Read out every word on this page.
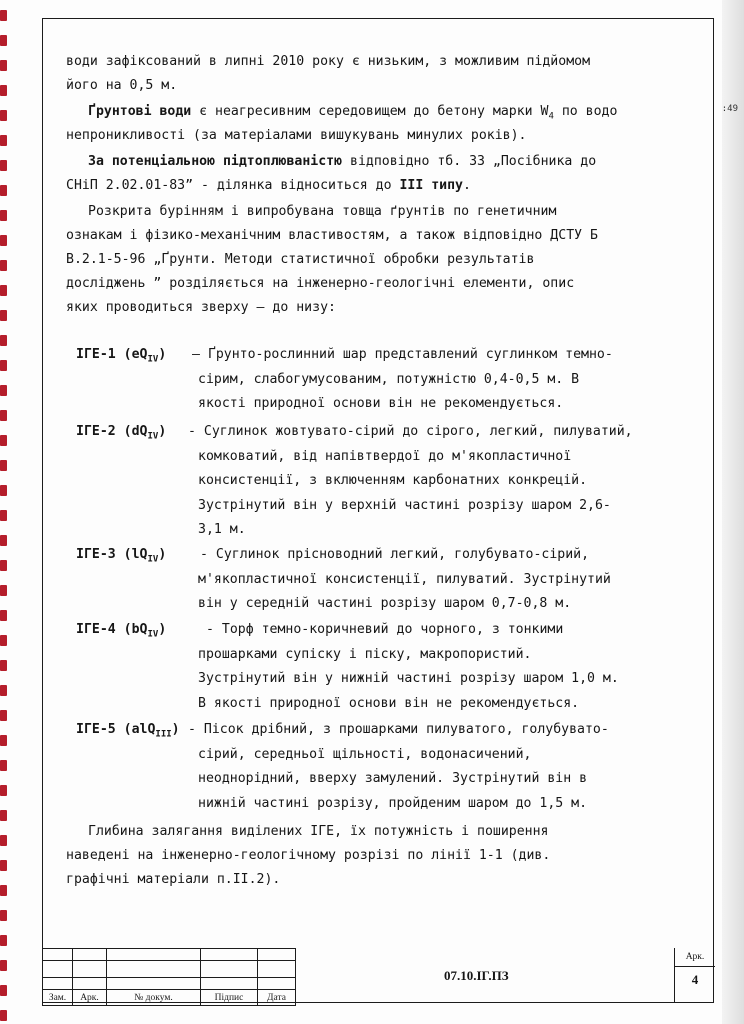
:49
води зафіксований в липні 2010 року є низьким, з можливим підйомом
його на 0,5 м.
Ґрунтові води є неагресивним середовищем до бетону марки $W_4$ по водо
непроникливості (за матеріалами вишукувань минулих років).
За потенціальною підтоплюваністю відповідно тб. 33 „Посібника до
СНіП 2.02.01-83” - ділянка відноситься до III типу.
Розкрита бурінням і випробувана товща ґрунтів по генетичним
ознакам і фізико-механічним властивостям, а також відповідно ДСТУ Б
В.2.1-5-96 „Ґрунти. Методи статистичної обробки результатів
досліджень ” розділяється на інженерно-геологічні елементи, опис
яких проводиться зверху – до низу:
ІГЕ-1 $(eQ_{IV})$ – Ґрунто-рослинний шар представлений суглинком темно-
сірим, слабогумусованим, потужністю 0,4-0,5 м. В
якості природної основи він не рекомендується.
ІГЕ-2 $(dQ_{IV})$ - Суглинок жовтувато-сірий до сірого, легкий, пилуватий,
комковатий, від напівтвердої до м'якопластичної
консистенції, з включенням карбонатних конкрецій.
Зустрінутий він у верхній частині розрізу шаром 2,6-
3,1 м.
ІГЕ-3 $(lQ_{IV})$	- Суглинок прісноводний легкий, голубувато-сірий,
м'якопластичної консистенції, пилуватий. Зустрінутий
він у середній частині розрізу шаром 0,7-0,8 м.
ІГЕ-4 $(bQ_{IV})$	- Торф темно-коричневий до чорного, з тонкими
прошарками супіску і піску, макропористий.
Зустрінутий він у нижній частині розрізу шаром 1,0 м.
В якості природної основи він не рекомендується.
ІГЕ-5 (alQ$_{III}$) - Пісок дрібний, з прошарками пилуватого, голубувато-
сірий, середньої щільності, водонасичений,
неоднорідний, вверху замулений. Зустрінутий він в
нижній частині розрізу, пройденим шаром до 1,5 м.
Глибина залягання виділених ІГЕ, їх потужність і поширення
наведені на інженерно-геологічному розрізі по лінії 1-1 (див.
графічні матеріали п.II.2).

Зам.	Арк.	№ докум.	Підпис	Дата
07.10.ІГ.ПЗ
Арк.
4
